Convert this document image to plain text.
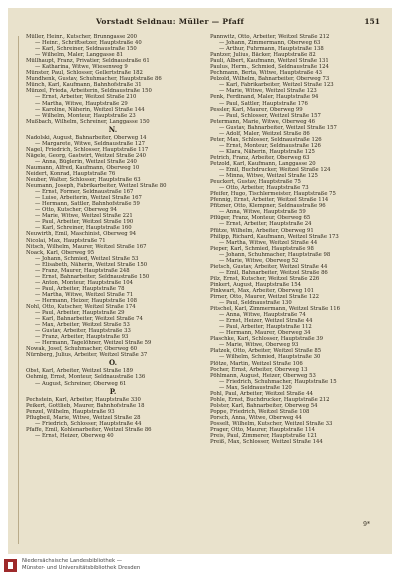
Vorstadt Seldnau: Müller — Pfaff	151
Müller, Heinr., Kutscher, Brunngasse 200
— Heinr., Schriftsetzer, Hauptstraße 40
— Karl, Schreiner, Seldnaustraße 150
— Wilhelm, Maler, Langgasse 81
Müllhaupt, Franz, Privatier, Seldnaustraße 61
— Katharina, Witwe, Wiesenweg 9
Münster, Paul, Schlosser, Gellertstraße 182
Mundhenk, Gustav, Schuhmacher, Hauptstraße 86
Münch, Karl, Kaufmann, Bahnhofstraße 31
Münzel, Frieda, Arbeiterin, Seldnaustraße 150
— Ernst, Arbeiter, Weitzel Straße 210
— Martha, Witwe, Hauptstraße 29
— Karoline, Näherin, Weitzel Straße 144
— Wilhelm, Monteur, Hauptstraße 23
Mußbach, Wilhelm, Schreiner, Langgasse 150
N.
Nadolski, August, Bahnarbeiter, Oberweg 14
— Margarete, Witwe, Seldnaustraße 127
Nagel, Friedrich, Schlosser, Hauptstraße 117
Nägele, Georg, Gastwirt, Weitzel Straße 240
— Anna, Büglerin, Weitzel Straße 240
Naumann, Alfred, Kaufmann, Oberweg 10
Neidert, Konrad, Hauptstraße 76
Neuber, Walter, Schlosser, Hauptstraße 63
Neumann, Joseph, Fabrikarbeiter, Weitzel Straße 80
— Ernst, Former, Seldnaustraße 167
— Luise, Arbeiterin, Weitzel Straße 167
— Hermann, Sattler, Bahnhofstraße 59
— Otto, Kutscher, Oberweg 94
— Marie, Witwe, Weitzel Straße 221
— Paul, Arbeiter, Weitzel Straße 190
— Karl, Schreiner, Hauptstraße 160
Neuwirth, Emil, Maschinist, Oberweg 94
Nicolai, Max, Hauptstraße 71
Nitsch, Wilhelm, Maurer, Weitzel Straße 167
Noack, Karl, Oberweg 95
— Johann, Schmied, Weitzel Straße 53
— Elisabeth, Näherin, Weitzel Straße 150
— Franz, Maurer, Hauptstraße 248
— Ernst, Bahnarbeiter, Seldnaustraße 150
— Anton, Monteur, Hauptstraße 104
— Paul, Arbeiter, Hauptstraße 78
— Martha, Witwe, Weitzel Straße 71
— Hermann, Heizer, Hauptstraße 108
Nohl, Otto, Kutscher, Weitzel Straße 174
— Paul, Arbeiter, Hauptstraße 29
— Karl, Bahnarbeiter, Weitzel Straße 74
— Max, Arbeiter, Weitzel Straße 53
— Gustav, Arbeiter, Hauptstraße 33
— Franz, Arbeiter, Hauptstraße 93
— Hermann, Tagelöhner, Weitzel Straße 59
Nowak, Josef, Schuhmacher, Oberweg 60
Nürnberg, Julius, Arbeiter, Weitzel Straße 37
O.
Obst, Karl, Arbeiter, Weitzel Straße 189
Oehmig, Ernst, Monteur, Seldnaustraße 136
— August, Schreiner, Oberweg 61
P.
Pechstein, Karl, Arbeiter, Hauptstraße 330
Peikert, Gottlieb, Maurer, Bahnhofstraße 18
Penzel, Wilhelm, Hauptstraße 93
Pflugbeil, Marie, Witwe, Weitzel Straße 28
— Friedrich, Schlosser, Hauptstraße 44
Pfaffe, Emil, Kohlenarbeiter, Weitzel Straße 86
— Ernst, Heizer, Oberweg 40
Pannwitz, Otto, Arbeiter, Weitzel Straße 212
— Johann, Zimmermann, Oberweg 63
— Arthur, Fuhrmann, Hauptstraße 138
Pantzer, Julius, Bäcker, Hauptstraße 82
Pauli, Albert, Kaufmann, Weitzel Straße 131
Paulus, Herm., Schmied, Seldnaustraße 124
Pechmann, Berta, Witwe, Hauptstraße 43
Pelzold, Wilhelm, Bahnarbeiter, Oberweg 73
— Karl, Fabrikarbeiter, Weitzel Straße 123
— Marie, Witwe, Weitzel Straße 123
Penk, Ferdinand, Maler, Hauptstraße 94
— Paul, Sattler, Hauptstraße 176
Pessler, Karl, Maurer, Oberweg 99
— Paul, Schlosser, Weitzel Straße 157
Petermann, Marie, Witwe, Oberweg 46
— Gustav, Bahnarbeiter, Weitzel Straße 157
— Adolf, Maler, Weitzel Straße 86
Peter, Max, Schlosser, Seldnaustraße 126
— Ernst, Monteur, Seldnaustraße 126
— Klara, Näherin, Hauptstraße 125
Petrich, Franz, Arbeiter, Oberweg 63
Petzold, Karl, Kaufmann, Langgasse 20
— Emil, Buchdrucker, Weitzel Straße 124
— Minna, Witwe, Weitzel Straße 125
Peuckert, Gustav, Hauptstraße 75
— Otto, Arbeiter, Hauptstraße 73
Pfeifer, Hugo, Tischlermeister, Hauptstraße 75
Pfennig, Ernst, Arbeiter, Weitzel Straße 114
Pfitzner, Otto, Klempner, Seldnaustraße 96
— Anna, Witwe, Hauptstraße 59
Pflüger, Franz, Monteur, Oberweg 65
— Ernst, Arbeiter, Hauptstraße 24
Pfütze, Wilhelm, Arbeiter, Oberweg 91
Philipp, Richard, Kaufmann, Weitzel Straße 173
— Martha, Witwe, Weitzel Straße 44
Pieper, Karl, Schmied, Hauptstraße 98
— Johann, Schuhmacher, Hauptstraße 98
— Marie, Witwe, Oberweg 52
Pietsch, Gustav, Arbeiter, Weitzel Straße 44
— Emil, Bahnarbeiter, Weitzel Straße 86
Pilz, Ernst, Kutscher, Weitzel Straße 226
Pinkert, August, Hauptstraße 154
Pinkwart, Max, Arbeiter, Oberweg 101
Pirner, Otto, Maurer, Weitzel Straße 122
— Paul, Seldnaustraße 130
Pitschel, Karl, Zimmermann, Weitzel Straße 116
— Anna, Witwe, Hauptstraße 74
— Ernst, Heizer, Weitzel Straße 44
— Paul, Arbeiter, Hauptstraße 112
— Hermann, Maurer, Oberweg 34
Plaschke, Karl, Schlosser, Hauptstraße 39
— Marie, Witwe, Oberweg 93
Platzek, Otto, Arbeiter, Weitzel Straße 85
— Wilhelm, Schmied, Hauptstraße 30
Plötze, Martin, Weitzel Straße 106
Pocher, Ernst, Arbeiter, Oberweg 13
Pöhlmann, August, Heizer, Oberweg 53
— Friedrich, Schuhmacher, Hauptstraße 15
— Max, Seldnaustraße 120
Pohl, Paul, Arbeiter, Weitzel Straße 44
Pohle, Ernst, Buchdrucker, Hauptstraße 212
Polster, Karl, Bahnarbeiter, Oberweg 54
Poppe, Friedrich, Weitzel Straße 108
Porsch, Anna, Witwe, Oberweg 44
Posselt, Wilhelm, Kutscher, Weitzel Straße 33
Prager, Otto, Maurer, Hauptstraße 114
Preis, Paul, Zimmerer, Hauptstraße 121
Preiß, Max, Schlosser, Weitzel Straße 144
9*
Niedersächsische Landesbibliothek —
Münster- und Universitätsbibliothek Dresden
